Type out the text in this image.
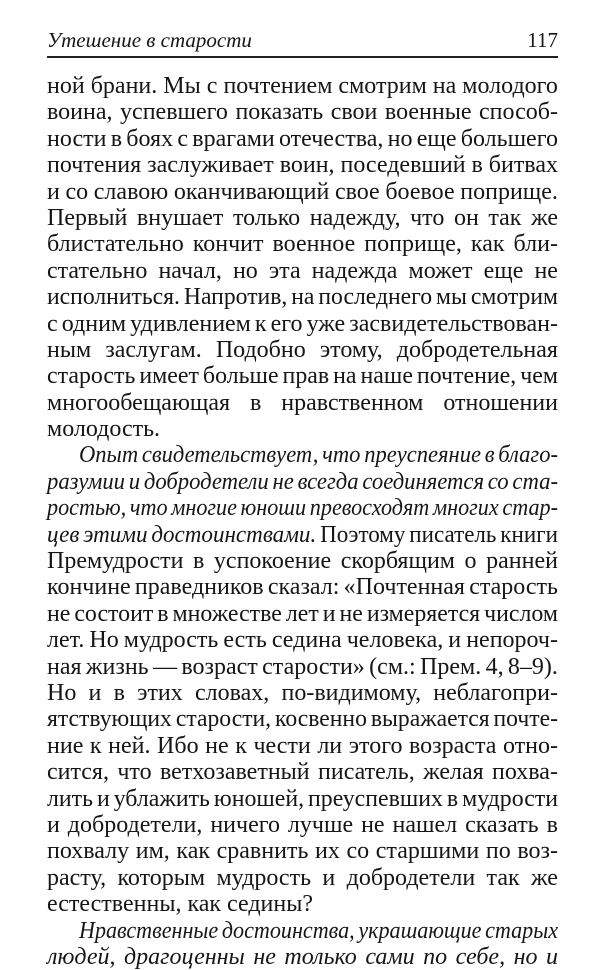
Утешение в старости	117
ной брани. Мы с почтением смотрим на молодого
воина, успевшего показать свои военные способ-
ности в боях с врагами отечества, но еще большего
почтения заслуживает воин, поседевший в битвах
и со славою оканчивающий свое боевое поприще.
Первый внушает только надежду, что он так же
блистательно кончит военное поприще, как бли-
стательно начал, но эта надежда может еще не
исполниться. Напротив, на последнего мы смотрим
с одним удивлением к его уже засвидетельствован-
ным заслугам. Подобно этому, добродетельная
старость имеет больше прав на наше почтение, чем
многообещающая в нравственном отношении
молодость.
Опыт свидетельствует, что преуспеяние в благо-
разумии и добродетели не всегда соединяется со ста-
ростью, что многие юноши превосходят многих стар-
цев этими достоинствами. Поэтому писатель книги
Премудрости в успокоение скорбящим о ранней
кончине праведников сказал: «Почтенная старость
не состоит в множестве лет и не измеряется числом
лет. Но мудрость есть седина человека, и непороч-
ная жизнь — возраст старости» (см.: Прем. 4, 8–9).
Но и в этих словах, по-видимому, неблагопри-
ятствующих старости, косвенно выражается почте-
ние к ней. Ибо не к чести ли этого возраста отно-
сится, что ветхозаветный писатель, желая похва-
лить и ублажить юношей, преуспевших в мудрости
и добродетели, ничего лучше не нашел сказать в
похвалу им, как сравнить их со старшими по воз-
расту, которым мудрость и добродетели так же
естественны, как седины?
Нравственные достоинства, украшающие старых
людей, драгоценны не только сами по себе, но и
